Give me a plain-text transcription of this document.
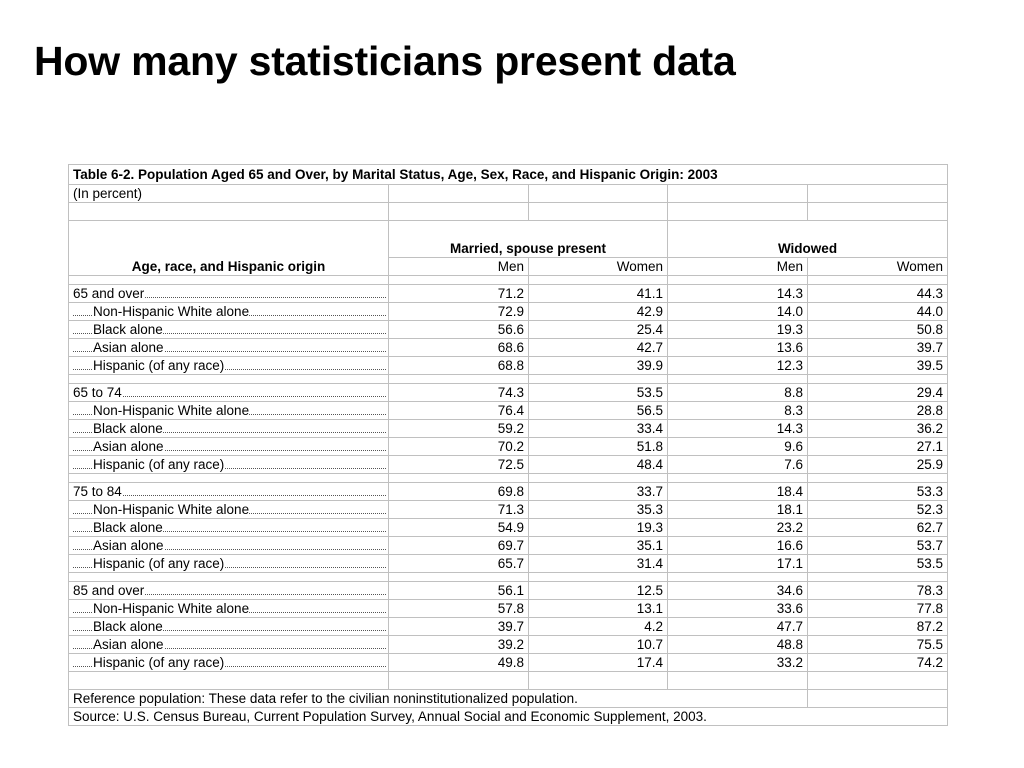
How many statisticians present data
Table 6-2. Population Aged 65 and Over, by Marital Status, Age, Sex, Race, and Hispanic Origin: 2003				
(In percent)				

Age, race, and Hispanic origin	Married, spouse present		Widowed	
	Men	Women	Men	Women

65 and over	71.2	41.1	14.3	44.3

Non-Hispanic White alone	72.9	42.9	14.0	44.0

Black alone	56.6	25.4	19.3	50.8

Asian alone	68.6	42.7	13.6	39.7

Hispanic (of any race)	68.8	39.9	12.3	39.5

65 to 74	74.3	53.5	8.8	29.4

Non-Hispanic White alone	76.4	56.5	8.3	28.8

Black alone	59.2	33.4	14.3	36.2

Asian alone	70.2	51.8	9.6	27.1

Hispanic (of any race)	72.5	48.4	7.6	25.9

75 to 84	69.8	33.7	18.4	53.3

Non-Hispanic White alone	71.3	35.3	18.1	52.3

Black alone	54.9	19.3	23.2	62.7

Asian alone	69.7	35.1	16.6	53.7

Hispanic (of any race)	65.7	31.4	17.1	53.5

85 and over	56.1	12.5	34.6	78.3

Non-Hispanic White alone	57.8	13.1	33.6	77.8

Black alone	39.7	4.2	47.7	87.2

Asian alone	39.2	10.7	48.8	75.5

Hispanic (of any race)	49.8	17.4	33.2	74.2

Reference population: These data refer to the civilian noninstitutionalized population.				
Source: U.S. Census Bureau, Current Population Survey, Annual Social and Economic Supplement, 2003.				
